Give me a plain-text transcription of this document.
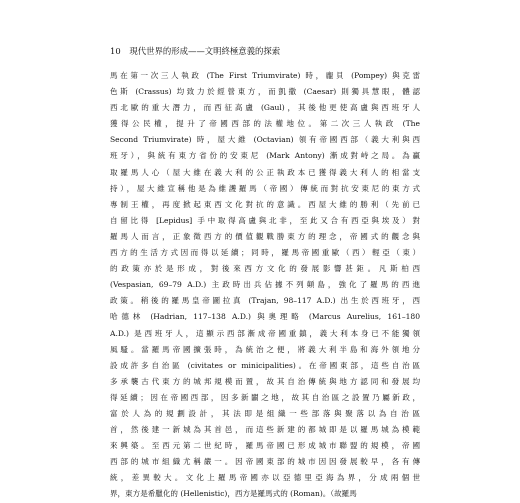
10 現代世界的形成——文明終極意義的探索
馬在第一次三人執政 (The First Triumvirate) 時，龐貝 (Pompey) 與克雷
色斯 (Crassus) 均致力於經營東方，而凱撒 (Caesar) 則獨具慧眼，體認
西北歐的重大潛力，而西征高盧 (Gaul)，其後他更使高盧與西班牙人
獲得公民權，提升了帝國西部的法權地位。第二次三人執政 (The
Second Triumvirate) 時，屋大維 (Octavian) 領有帝國西部（義大利與西
班牙），與統有東方省份的安東尼 (Mark Antony) 漸成對峙之局。為贏
取羅馬人心（屋大維在義大利的公正執政本已獲得義大利人的相當支
持），屋大維宣稱他是為維護羅馬（帝國）傳統而對抗安東尼的東方式
專制王權，再度掀起東西文化對抗的意識。西屋大維的勝利（先前已
自留比得 [Lepidus] 手中取得高盧與北非，至此又合有西亞與埃及）對
羅馬人而言，正象徵西方的價值觀戰勝東方的理念，帝國式的觀念與
西方的生活方式因而得以延續；同時，羅馬帝國重歐（西）輕亞（東）
的政策亦於是形成，對後來西方文化的發展影響甚鉅。凡斯柏西
(Vespasian, 69–79 A.D.) 主政時出兵佔據不列顛島，強化了羅馬的西進
政策。稍後的羅馬皇帝圖拉真 (Trajan, 98–117 A.D.) 出生於西班牙，西
哈德林 (Hadrian, 117–138 A.D.) 與奧理略 (Marcus Aurelius, 161–180
A.D.) 是西班牙人，這顯示西部漸成帝國重鎮，義大利本身已不能獨領
風騷。當羅馬帝國擴張時，為統治之便，將義大利半島和海外領地分
設成許多自治區 (civitates or minicipalities)。在帝國東部，這些自治區
多承襲古代東方的城邦規模而置，故其自治傳統與地方認同和發展均
得延續；因在帝國西部，因多新闢之地，故其自治區之設置乃屬新政，
富於人為的規劃設計，其法即是組織一些部落與聚落以為自治區
首，然後建一新城為其首邑，而這些新建的都城即是以羅馬城為模範
來興築。至西元第二世紀時，羅馬帝國已形成城市聯盟的規模，帝國
西部的城市組織尤稱嚴一。因帝國東部的城市因因發展較早，各有傳
統，差異較大。文化上羅馬帝國亦以亞德里亞海為界，分成兩個世
界，東方是希臘化的 (Hellenistic)，西方是羅馬式的 (Roman)。（故羅馬
